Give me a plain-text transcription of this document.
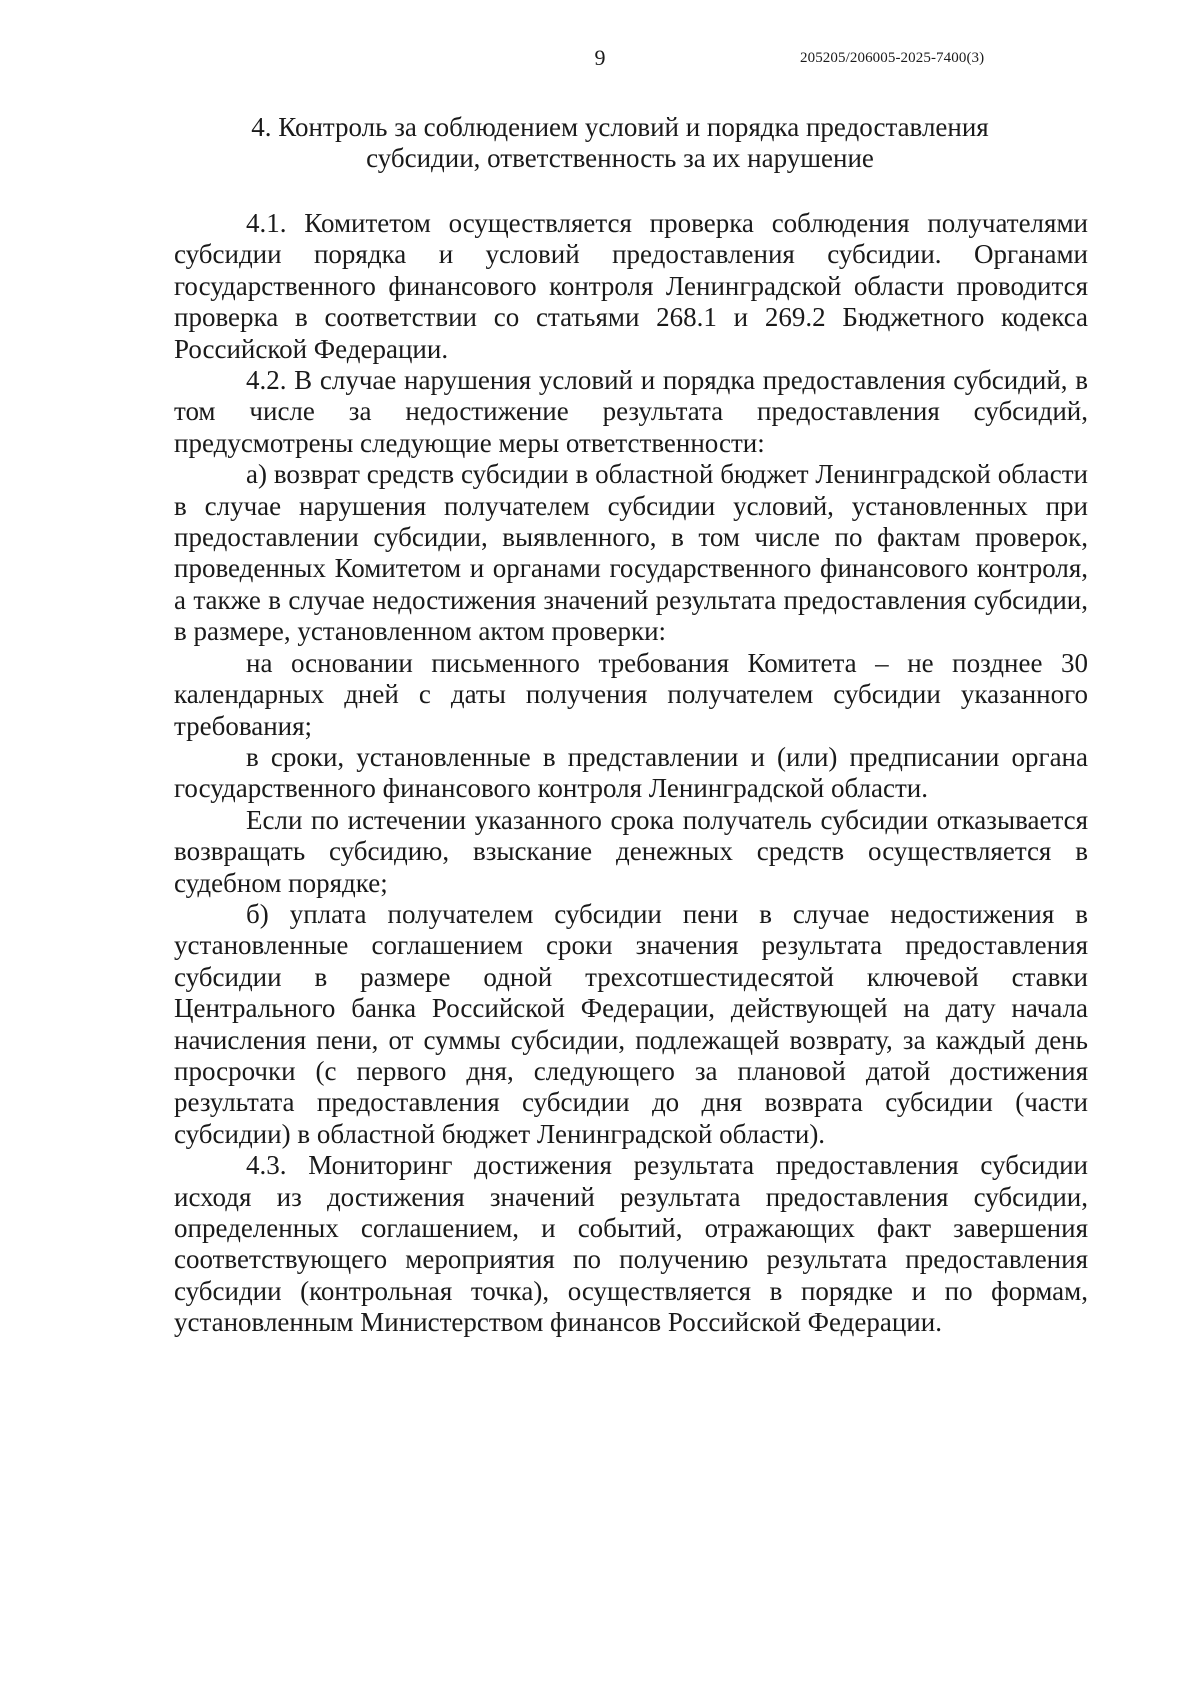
9	205205/206005-2025-7400(3)
4. Контроль за соблюдением условий и порядка предоставления
субсидии, ответственность за их нарушение

4.1. Комитетом осуществляется проверка соблюдения получателями субсидии порядка и условий предоставления субсидии. Органами государственного финансового контроля Ленинградской области проводится проверка в соответствии со статьями 268.1 и 269.2 Бюджетного кодекса Российской Федерации.

4.2. В случае нарушения условий и порядка предоставления субсидий, в том числе за недостижение результата предоставления субсидий, предусмотрены следующие меры ответственности:

а) возврат средств субсидии в областной бюджет Ленинградской области в случае нарушения получателем субсидии условий, установленных при предоставлении субсидии, выявленного, в том числе по фактам проверок, проведенных Комитетом и органами государственного финансового контроля, а также в случае недостижения значений результата предоставления субсидии, в размере, установленном актом проверки:

на основании письменного требования Комитета – не позднее 30 календарных дней с даты получения получателем субсидии указанного требования;

в сроки, установленные в представлении и (или) предписании органа государственного финансового контроля Ленинградской области.

Если по истечении указанного срока получатель субсидии отказывается возвращать субсидию, взыскание денежных средств осуществляется в судебном порядке;

б) уплата получателем субсидии пени в случае недостижения в установленные соглашением сроки значения результата предоставления субсидии в размере одной трехсотшестидесятой ключевой ставки Центрального банка Российской Федерации, действующей на дату начала начисления пени, от суммы субсидии, подлежащей возврату, за каждый день просрочки (с первого дня, следующего за плановой датой достижения результата предоставления субсидии до дня возврата субсидии (части субсидии) в областной бюджет Ленинградской области).

4.3. Мониторинг достижения результата предоставления субсидии исходя из достижения значений результата предоставления субсидии, определенных соглашением, и событий, отражающих факт завершения соответствующего мероприятия по получению результата предоставления субсидии (контрольная точка), осуществляется в порядке и по формам, установленным Министерством финансов Российской Федерации.
